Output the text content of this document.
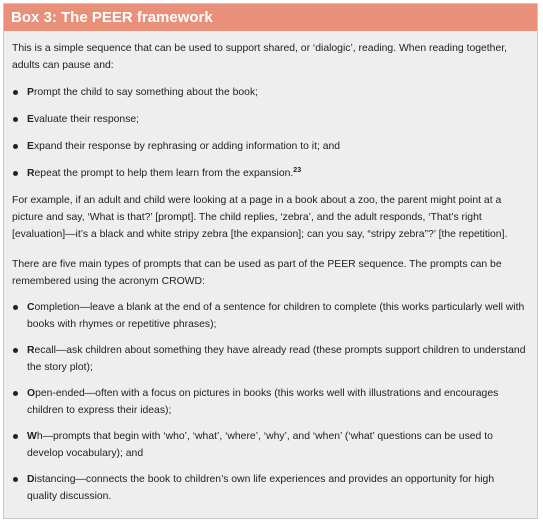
Box 3: The PEER framework

This is a simple sequence that can be used to support shared, or ‘dialogic’, reading. When reading together, adults can pause and:

Prompt the child to say something about the book;
Evaluate their response;
Expand their response by rephrasing or adding information to it; and
Repeat the prompt to help them learn from the expansion.$^{23}$

For example, if an adult and child were looking at a page in a book about a zoo, the parent might point at a picture and say, ‘What is that?’ [prompt]. The child replies, ‘zebra’, and the adult responds, ‘That’s right [evaluation]—it’s a black and white stripy zebra [the expansion]; can you say, “stripy zebra”?’ [the repetition].

There are five main types of prompts that can be used as part of the PEER sequence. The prompts can be remembered using the acronym CROWD:

Completion—leave a blank at the end of a sentence for children to complete (this works particularly well with books with rhymes or repetitive phrases);
Recall—ask children about something they have already read (these prompts support children to understand the story plot);
Open-ended—often with a focus on pictures in books (this works well with illustrations and encourages children to express their ideas);
Wh—prompts that begin with ‘who’, ‘what’, ‘where’, ‘why’, and ‘when’ (‘what’ questions can be used to develop vocabulary); and
Distancing—connects the book to children’s own life experiences and provides an opportunity for high quality discussion.
